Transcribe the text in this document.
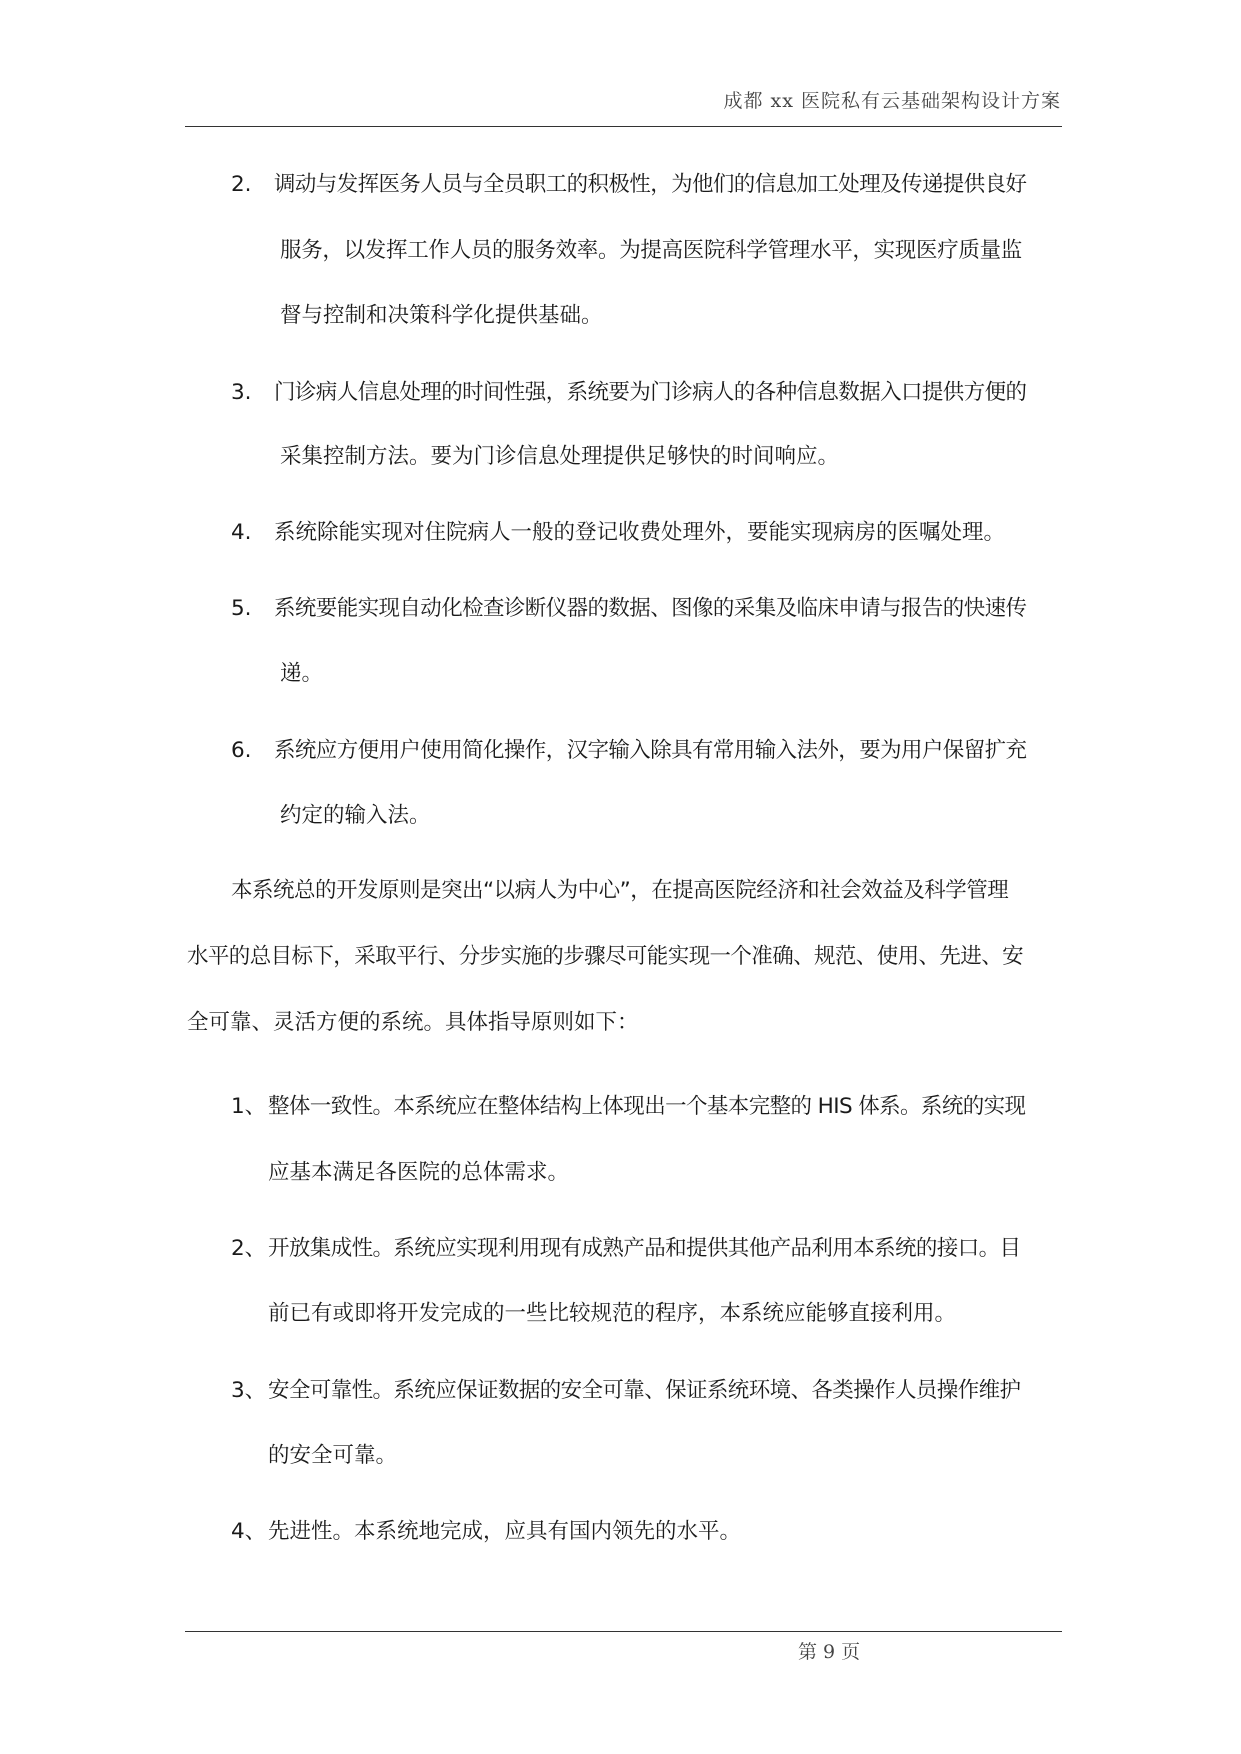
成都 xx 医院私有云基础架构设计方案
2. 调动与发挥医务人员与全员职工的积极性，为他们的信息加工处理及传递提供良好
服务，以发挥工作人员的服务效率。为提高医院科学管理水平，实现医疗质量监
督与控制和决策科学化提供基础。
3. 门诊病人信息处理的时间性强，系统要为门诊病人的各种信息数据入口提供方便的
采集控制方法。要为门诊信息处理提供足够快的时间响应。
4. 系统除能实现对住院病人一般的登记收费处理外，要能实现病房的医嘱处理。
5. 系统要能实现自动化检查诊断仪器的数据、图像的采集及临床申请与报告的快速传
递。
6. 系统应方便用户使用简化操作，汉字输入除具有常用输入法外，要为用户保留扩充
约定的输入法。
本系统总的开发原则是突出“以病人为中心”，在提高医院经济和社会效益及科学管理
水平的总目标下，采取平行、分步实施的步骤尽可能实现一个准确、规范、使用、先进、安
全可靠、灵活方便的系统。具体指导原则如下：
1、 整体一致性。本系统应在整体结构上体现出一个基本完整的 HIS 体系。系统的实现
应基本满足各医院的总体需求。
2、 开放集成性。系统应实现利用现有成熟产品和提供其他产品利用本系统的接口。目
前已有或即将开发完成的一些比较规范的程序，本系统应能够直接利用。
3、 安全可靠性。系统应保证数据的安全可靠、保证系统环境、各类操作人员操作维护
的安全可靠。
4、 先进性。本系统地完成，应具有国内领先的水平。
第 9 页
